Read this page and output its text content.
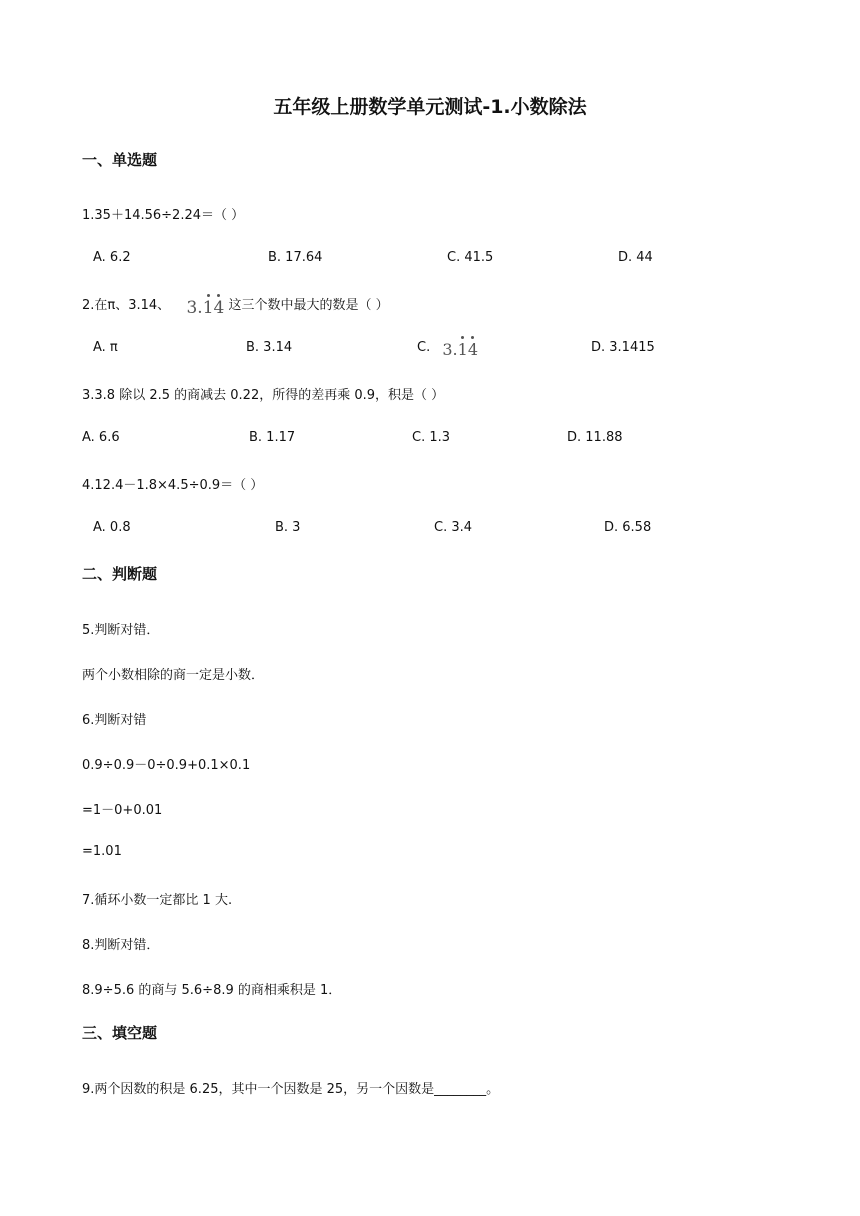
五年级上册数学单元测试-1.小数除法
一、单选题
1.35＋14.56÷2.24＝（ ）
A. 6.2	B. 17.64	C. 41.5	D. 44
2.在π、3.14、 3.
1
4 这三个数中最大的数是（ ）
A. π	B. 3.14	C. 3.
1
4	D. 3.1415
3.3.8 除以 2.5 的商减去 0.22，所得的差再乘 0.9，积是（ ）
A. 6.6	B. 1.17	C. 1.3	D. 11.88
4.12.4－1.8×4.5÷0.9＝（ ）
A. 0.8	B. 3	C. 3.4	D. 6.58
二、判断题
5.判断对错．
两个小数相除的商一定是小数．
6.判断对错
0.9÷0.9－0÷0.9+0.1×0.1
=1－0+0.01
=1.01
7.循环小数一定都比 1 大.
8.判断对错．
8.9÷5.6 的商与 5.6÷8.9 的商相乘积是 1．
三、填空题
9.两个因数的积是 6.25，其中一个因数是 25，另一个因数是________。
